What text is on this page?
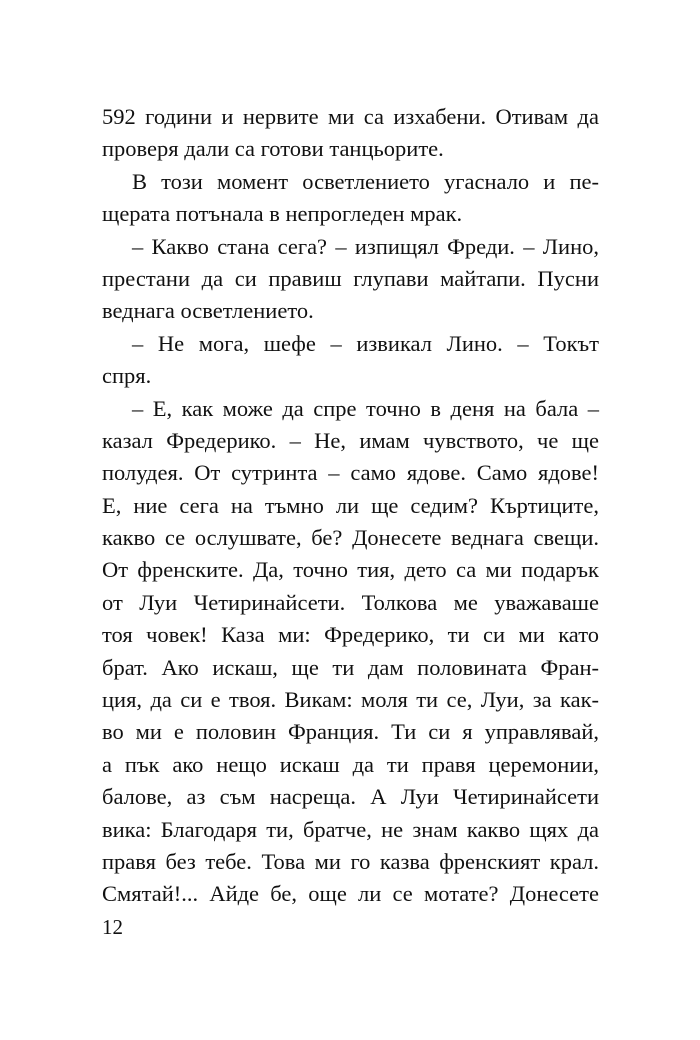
592 години и нервите ми са изхабени. Отивам да
проверя дали са готови танцьорите.
В този момент осветлението угаснало и пе-
щерата потънала в непрогледен мрак.
– Какво стана сега? – изпищял Фреди. – Лино,
престани да си правиш глупави майтапи. Пусни
веднага осветлението.
– Не мога, шефе – извикал Лино. – Токът
спря.
– Е, как може да спре точно в деня на бала –
казал Фредерико. – Не, имам чувството, че ще
полудея. От сутринта – само ядове. Само ядове!
Е, ние сега на тъмно ли ще седим? Къртиците,
какво се ослушвате, бе? Донесете веднага свещи.
От френските. Да, точно тия, дето са ми подарък
от Луи Четиринайсети. Толкова ме уважаваше
тоя човек! Каза ми: Фредерико, ти си ми като
брат. Ако искаш, ще ти дам половината Фран-
ция, да си е твоя. Викам: моля ти се, Луи, за как-
во ми е половин Франция. Ти си я управлявай,
а пък ако нещо искаш да ти правя церемонии,
балове, аз съм насреща. А Луи Четиринайсети
вика: Благодаря ти, братче, не знам какво щях да
правя без тебе. Това ми го казва френският крал.
Смятай!... Айде бе, още ли се мотате? Донесете
12
